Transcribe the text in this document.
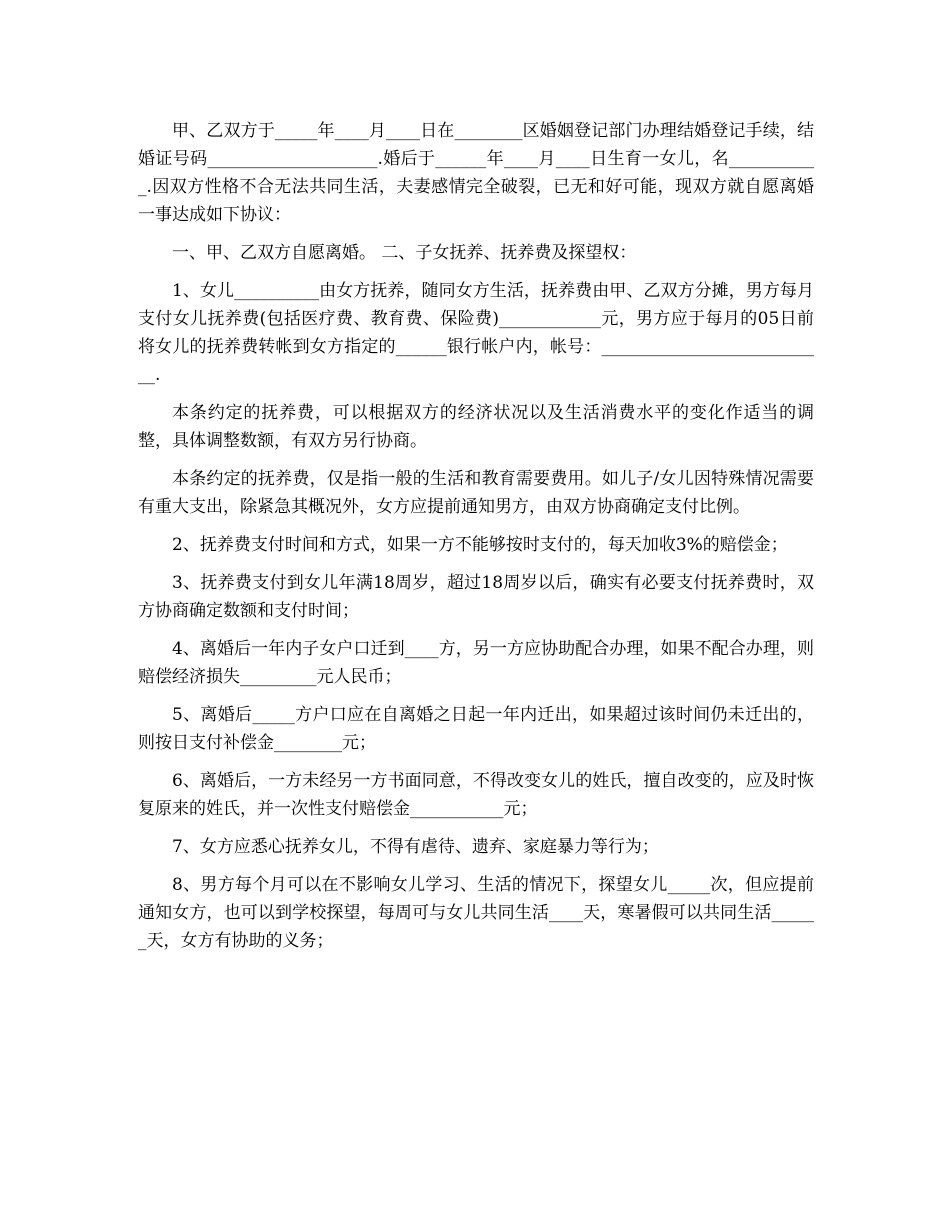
甲、乙双方于_____年____月____日在________区婚姻登记部门办理结婚登记手续，结婚证号码____________________.婚后于______年____月____日生育一女儿，名___________.因双方性格不合无法共同生活，夫妻感情完全破裂，已无和好可能，现双方就自愿离婚一事达成如下协议：

一、甲、乙双方自愿离婚。 二、子女抚养、抚养费及探望权：

1、女儿__________由女方抚养，随同女方生活，抚养费由甲、乙双方分摊，男方每月支付女儿抚养费(包括医疗费、教育费、保险费)____________元，男方应于每月的05日前将女儿的抚养费转帐到女方指定的______银行帐户内，帐号：___________________________.

本条约定的抚养费，可以根据双方的经济状况以及生活消费水平的变化作适当的调整，具体调整数额，有双方另行协商。

本条约定的抚养费，仅是指一般的生活和教育需要费用。如儿子/女儿因特殊情况需要有重大支出，除紧急其概况外，女方应提前通知男方，由双方协商确定支付比例。

2、抚养费支付时间和方式，如果一方不能够按时支付的，每天加收3%的赔偿金；

3、抚养费支付到女儿年满18周岁，超过18周岁以后，确实有必要支付抚养费时，双方协商确定数额和支付时间；

4、离婚后一年内子女户口迁到____方，另一方应协助配合办理，如果不配合办理，则赔偿经济损失_________元人民币；

5、离婚后_____方户口应在自离婚之日起一年内迁出，如果超过该时间仍未迁出的，则按日支付补偿金________元；

6、离婚后，一方未经另一方书面同意，不得改变女儿的姓氏，擅自改变的，应及时恢复原来的姓氏，并一次性支付赔偿金___________元；

7、女方应悉心抚养女儿，不得有虐待、遗弃、家庭暴力等行为；

8、男方每个月可以在不影响女儿学习、生活的情况下，探望女儿_____次，但应提前通知女方，也可以到学校探望，每周可与女儿共同生活____天，寒暑假可以共同生活______天，女方有协助的义务；
